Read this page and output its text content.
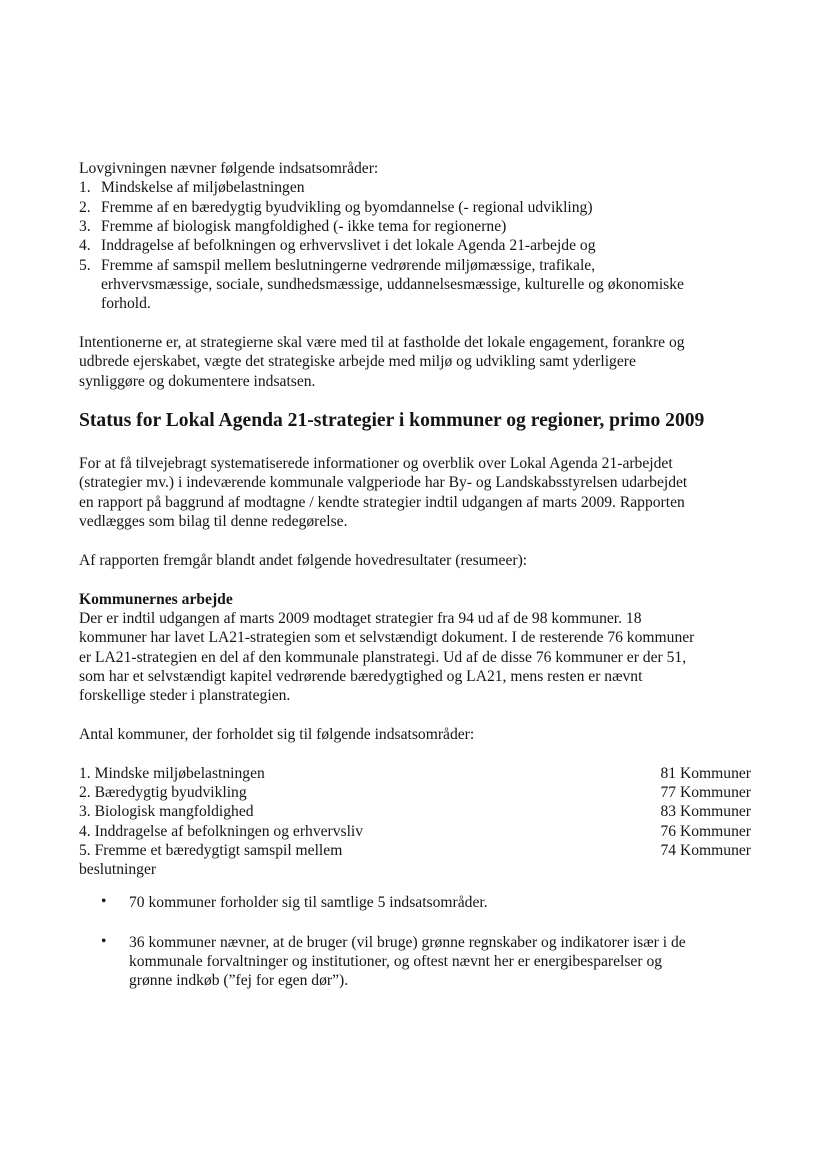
Lovgivningen nævner følgende indsatsområder:
1. Mindskelse af miljøbelastningen
2. Fremme af en bæredygtig byudvikling og byomdannelse (- regional udvikling)
3. Fremme af biologisk mangfoldighed (- ikke tema for regionerne)
4. Inddragelse af befolkningen og erhvervslivet i det lokale Agenda 21-arbejde og
5. Fremme af samspil mellem beslutningerne vedrørende miljømæssige, trafikale,
erhvervsmæssige, sociale, sundhedsmæssige, uddannelsesmæssige, kulturelle og økonomiske
forhold.
Intentionerne er, at strategierne skal være med til at fastholde det lokale engagement, forankre og
udbrede ejerskabet, vægte det strategiske arbejde med miljø og udvikling samt yderligere
synliggøre og dokumentere indsatsen.
Status for Lokal Agenda 21-strategier i kommuner og regioner, primo 2009
For at få tilvejebragt systematiserede informationer og overblik over Lokal Agenda 21-arbejdet
(strategier mv.) i indeværende kommunale valgperiode har By- og Landskabsstyrelsen udarbejdet
en rapport på baggrund af modtagne / kendte strategier indtil udgangen af marts 2009. Rapporten
vedlægges som bilag til denne redegørelse.
Af rapporten fremgår blandt andet følgende hovedresultater (resumeer):
Kommunernes arbejde
Der er indtil udgangen af marts 2009 modtaget strategier fra 94 ud af de 98 kommuner. 18
kommuner har lavet LA21-strategien som et selvstændigt dokument. I de resterende 76 kommuner
er LA21-strategien en del af den kommunale planstrategi. Ud af de disse 76 kommuner er der 51,
som har et selvstændigt kapitel vedrørende bæredygtighed og LA21, mens resten er nævnt
forskellige steder i planstrategien.
Antal kommuner, der forholdet sig til følgende indsatsområder:
1. Mindske miljøbelastningen	81 Kommuner
2. Bæredygtig byudvikling	77 Kommuner
3. Biologisk mangfoldighed	83 Kommuner
4. Inddragelse af befolkningen og erhvervsliv	76 Kommuner
5. Fremme et bæredygtigt samspil mellem	74 Kommuner
beslutninger
• 70 kommuner forholder sig til samtlige 5 indsatsområder.
• 36 kommuner nævner, at de bruger (vil bruge) grønne regnskaber og indikatorer især i de
kommunale forvaltninger og institutioner, og oftest nævnt her er energibesparelser og
grønne indkøb (”fej for egen dør”).
